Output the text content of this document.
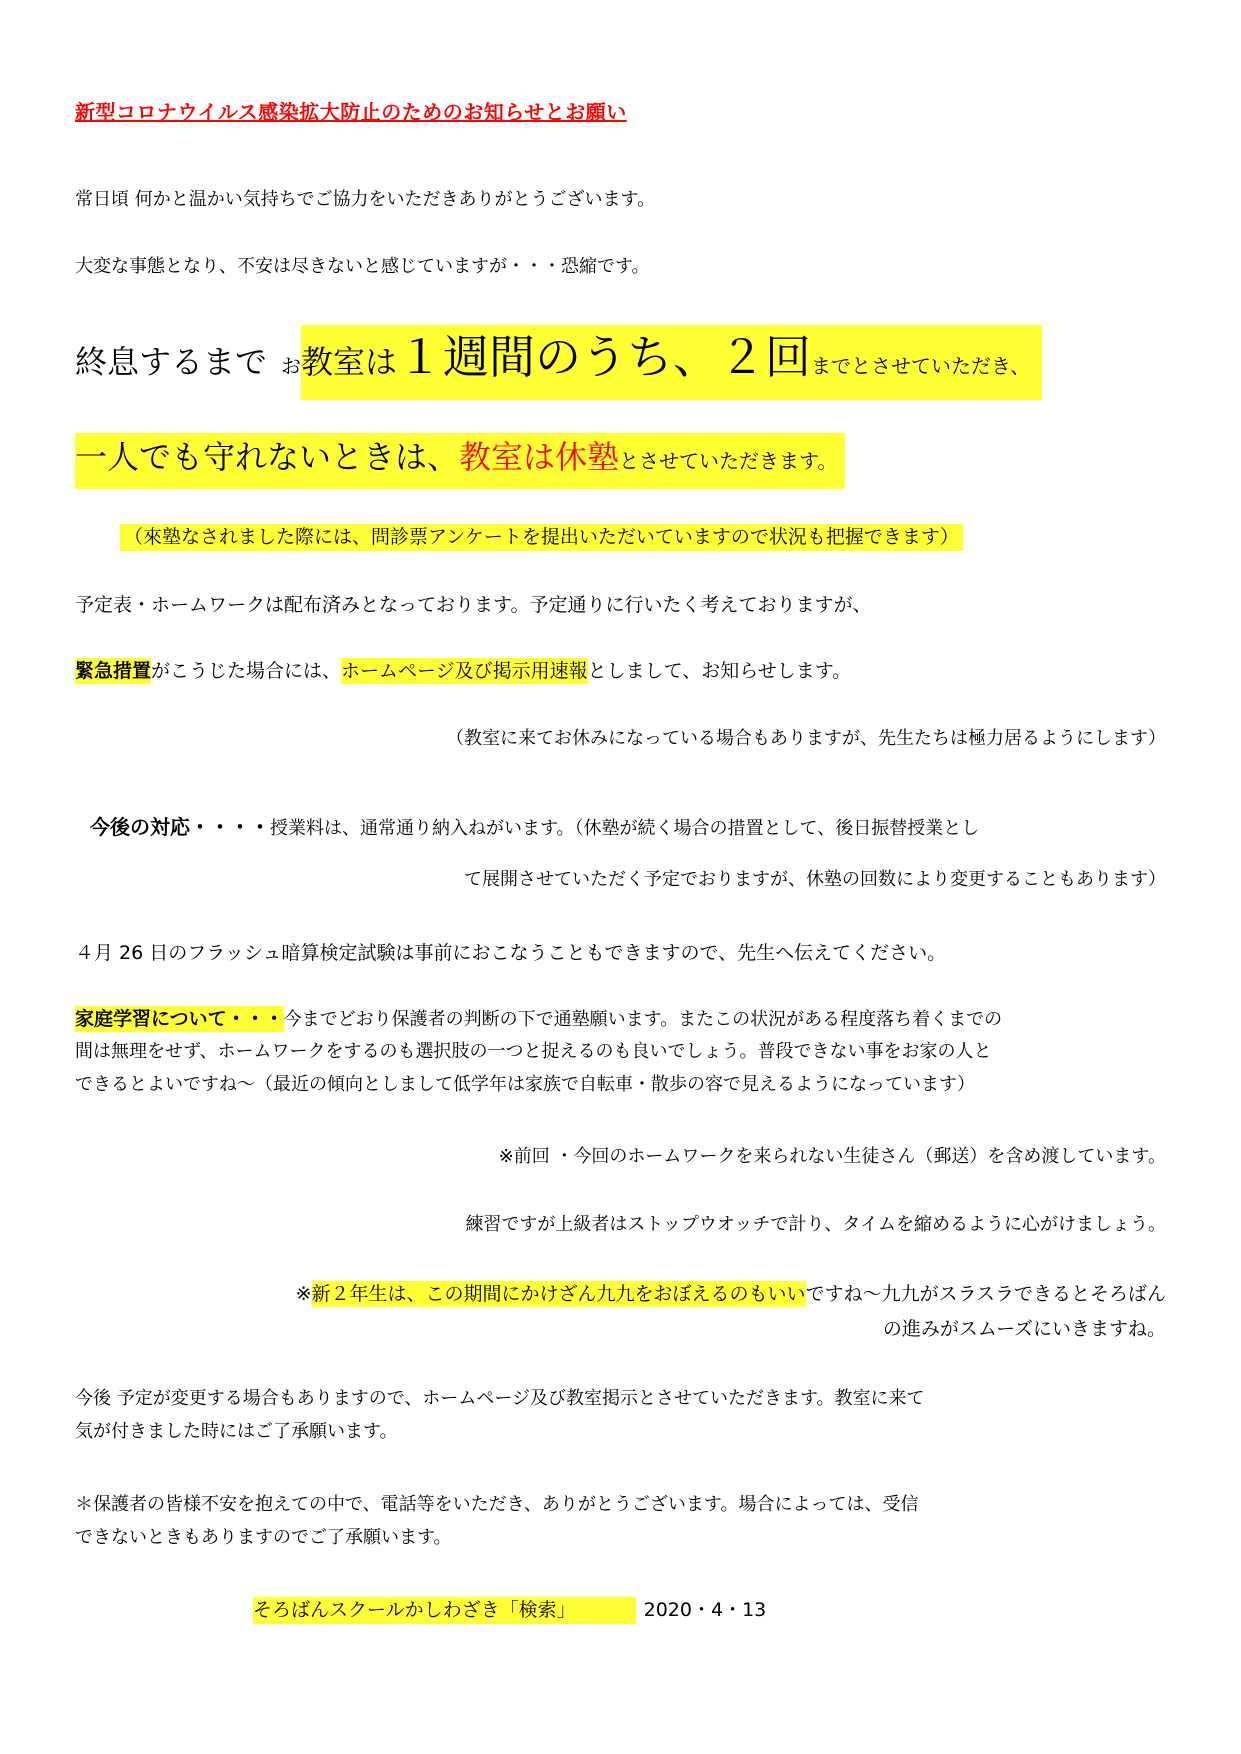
新型コロナウイルス感染拡大防止のためのお知らせとお願い
常日頃 何かと温かい気持ちでご協力をいただきありがとうございます。
大変な事態となり、不安は尽きないと感じていますが・・・恐縮です。
終息するまで お教室は１週間のうち、２回までとさせていただき、
一人でも守れないときは、教室は休塾とさせていただきます。
（來塾なされました際には、問診票アンケートを提出いただいていますので状況も把握できます）
予定表・ホームワークは配布済みとなっております。予定通りに行いたく考えておりますが、
緊急措置がこうじた場合には、ホームページ及び掲示用速報としまして、お知らせします。
（教室に来てお休みになっている場合もありますが、先生たちは極力居るようにします）
今後の対応・・・・授業料は、通常通り納入ねがいます。（休塾が続く場合の措置として、後日振替授業とし
て展開させていただく予定でおりますが、休塾の回数により変更することもあります）
４月 26 日のフラッシュ暗算検定試験は事前におこなうこともできますので、先生へ伝えてください。
家庭学習について・・・今までどおり保護者の判断の下で通塾願います。またこの状況がある程度落ち着くまでの
間は無理をせず、ホームワークをするのも選択肢の一つと捉えるのも良いでしょう。普段できない事をお家の人と
できるとよいですね～（最近の傾向としまして低学年は家族で自転車・散歩の容で見えるようになっています）
※前回 ・今回のホームワークを来られない生徒さん（郵送）を含め渡しています。
練習ですが上級者はストップウオッチで計り、タイムを縮めるように心がけましょう。
※新２年生は、この期間にかけざん九九をおぼえるのもいいですね～九九がスラスラできるとそろばん
の進みがスムーズにいきますね。
今後 予定が変更する場合もありますので、ホームページ及び教室掲示とさせていただきます。教室に来て
気が付きました時にはご了承願います。
＊保護者の皆様不安を抱えての中で、電話等をいただき、ありがとうございます。場合によっては、受信
できないときもありますのでご了承願います。
そろばんスクールかしわざき「検索」	2020・4・13
